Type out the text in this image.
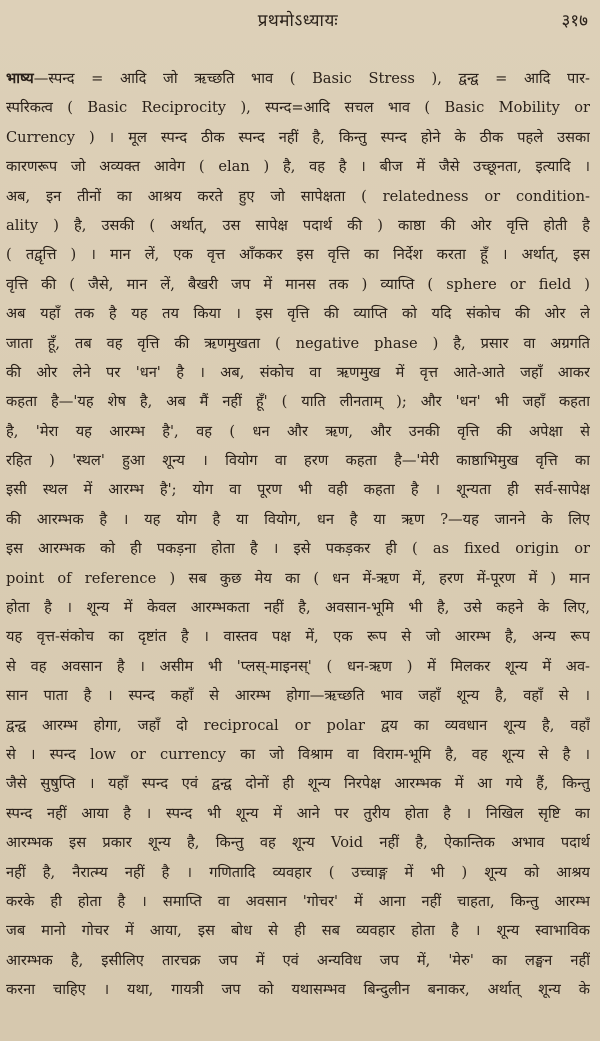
प्रथमोऽध्यायः	३१७
भाष्य—स्पन्द = आदि जो ऋच्छति भाव ( Basic Stress ), द्वन्द्व = आदि पार-
स्परिकत्व ( Basic Reciprocity ), स्पन्द=आदि सचल भाव ( Basic Mobility or
Currency ) । मूल स्पन्द ठीक स्पन्द नहीं है, किन्तु स्पन्द होने के ठीक पहले उसका
कारणरूप जो अव्यक्त आवेग ( elan ) है, वह है । बीज में जैसे उच्छूनता, इत्यादि ।
अब, इन तीनों का आश्रय करते हुए जो सापेक्षता ( relatedness or condition-
ality ) है, उसकी ( अर्थात्, उस सापेक्ष पदार्थ की ) काष्ठा की ओर वृत्ति होती है
( तद्वृत्ति ) । मान लें, एक वृत्त आँककर इस वृत्ति का निर्देश करता हूँ । अर्थात्, इस
वृत्ति की ( जैसे, मान लें, बैखरी जप में मानस तक ) व्याप्ति ( sphere or field )
अब यहाँ तक है यह तय किया । इस वृत्ति की व्याप्ति को यदि संकोच की ओर ले
जाता हूँ, तब वह वृत्ति की ऋणमुखता ( negative phase ) है, प्रसार वा अग्रगति
की ओर लेने पर 'धन' है । अब, संकोच वा ऋणमुख में वृत्त आते-आते जहाँ आकर
कहता है—'यह शेष है, अब मैं नहीं हूँ' ( याति लीनताम् ); और 'धन' भी जहाँ कहता
है, 'मेरा यह आरम्भ है', वह ( धन और ऋण, और उनकी वृत्ति की अपेक्षा से
रहित ) 'स्थल' हुआ शून्य । वियोग वा हरण कहता है—'मेरी काष्ठाभिमुख वृत्ति का
इसी स्थल में आरम्भ है'; योग वा पूरण भी वही कहता है । शून्यता ही सर्व-सापेक्ष
की आरम्भक है । यह योग है या वियोग, धन है या ऋण ?—यह जानने के लिए
इस आरम्भक को ही पकड़ना होता है । इसे पकड़कर ही ( as fixed origin or
point of reference ) सब कुछ मेय का ( धन में-ऋण में, हरण में-पूरण में ) मान
होता है । शून्य में केवल आरम्भकता नहीं है, अवसान-भूमि भी है, उसे कहने के लिए,
यह वृत्त-संकोच का दृष्टांत है । वास्तव पक्ष में, एक रूप से जो आरम्भ है, अन्य रूप
से वह अवसान है । असीम भी 'प्लस्-माइनस्' ( धन-ऋण ) में मिलकर शून्य में अव-
सान पाता है । स्पन्द कहाँ से आरम्भ होगा—ऋच्छति भाव जहाँ शून्य है, वहाँ से ।
द्वन्द्व आरम्भ होगा, जहाँ दो reciprocal or polar द्वय का व्यवधान शून्य है, वहाँ
से । स्पन्द low or currency का जो विश्राम वा विराम-भूमि है, वह शून्य से है ।
जैसे सुषुप्ति । यहाँ स्पन्द एवं द्वन्द्व दोनों ही शून्य निरपेक्ष आरम्भक में आ गये हैं, किन्तु
स्पन्द नहीं आया है । स्पन्द भी शून्य में आने पर तुरीय होता है । निखिल सृष्टि का
आरम्भक इस प्रकार शून्य है, किन्तु वह शून्य Void नहीं है, ऐकान्तिक अभाव पदार्थ
नहीं है, नैरात्म्य नहीं है । गणितादि व्यवहार ( उच्चाङ्ग में भी ) शून्य को आश्रय
करके ही होता है । समाप्ति वा अवसान 'गोचर' में आना नहीं चाहता, किन्तु आरम्भ
जब मानो गोचर में आया, इस बोध से ही सब व्यवहार होता है । शून्य स्वाभाविक
आरम्भक है, इसीलिए तारचक्र जप में एवं अन्यविध जप में, 'मेरु' का लङ्घन नहीं
करना चाहिए । यथा, गायत्री जप को यथासम्भव बिन्दुलीन बनाकर, अर्थात् शून्य के
